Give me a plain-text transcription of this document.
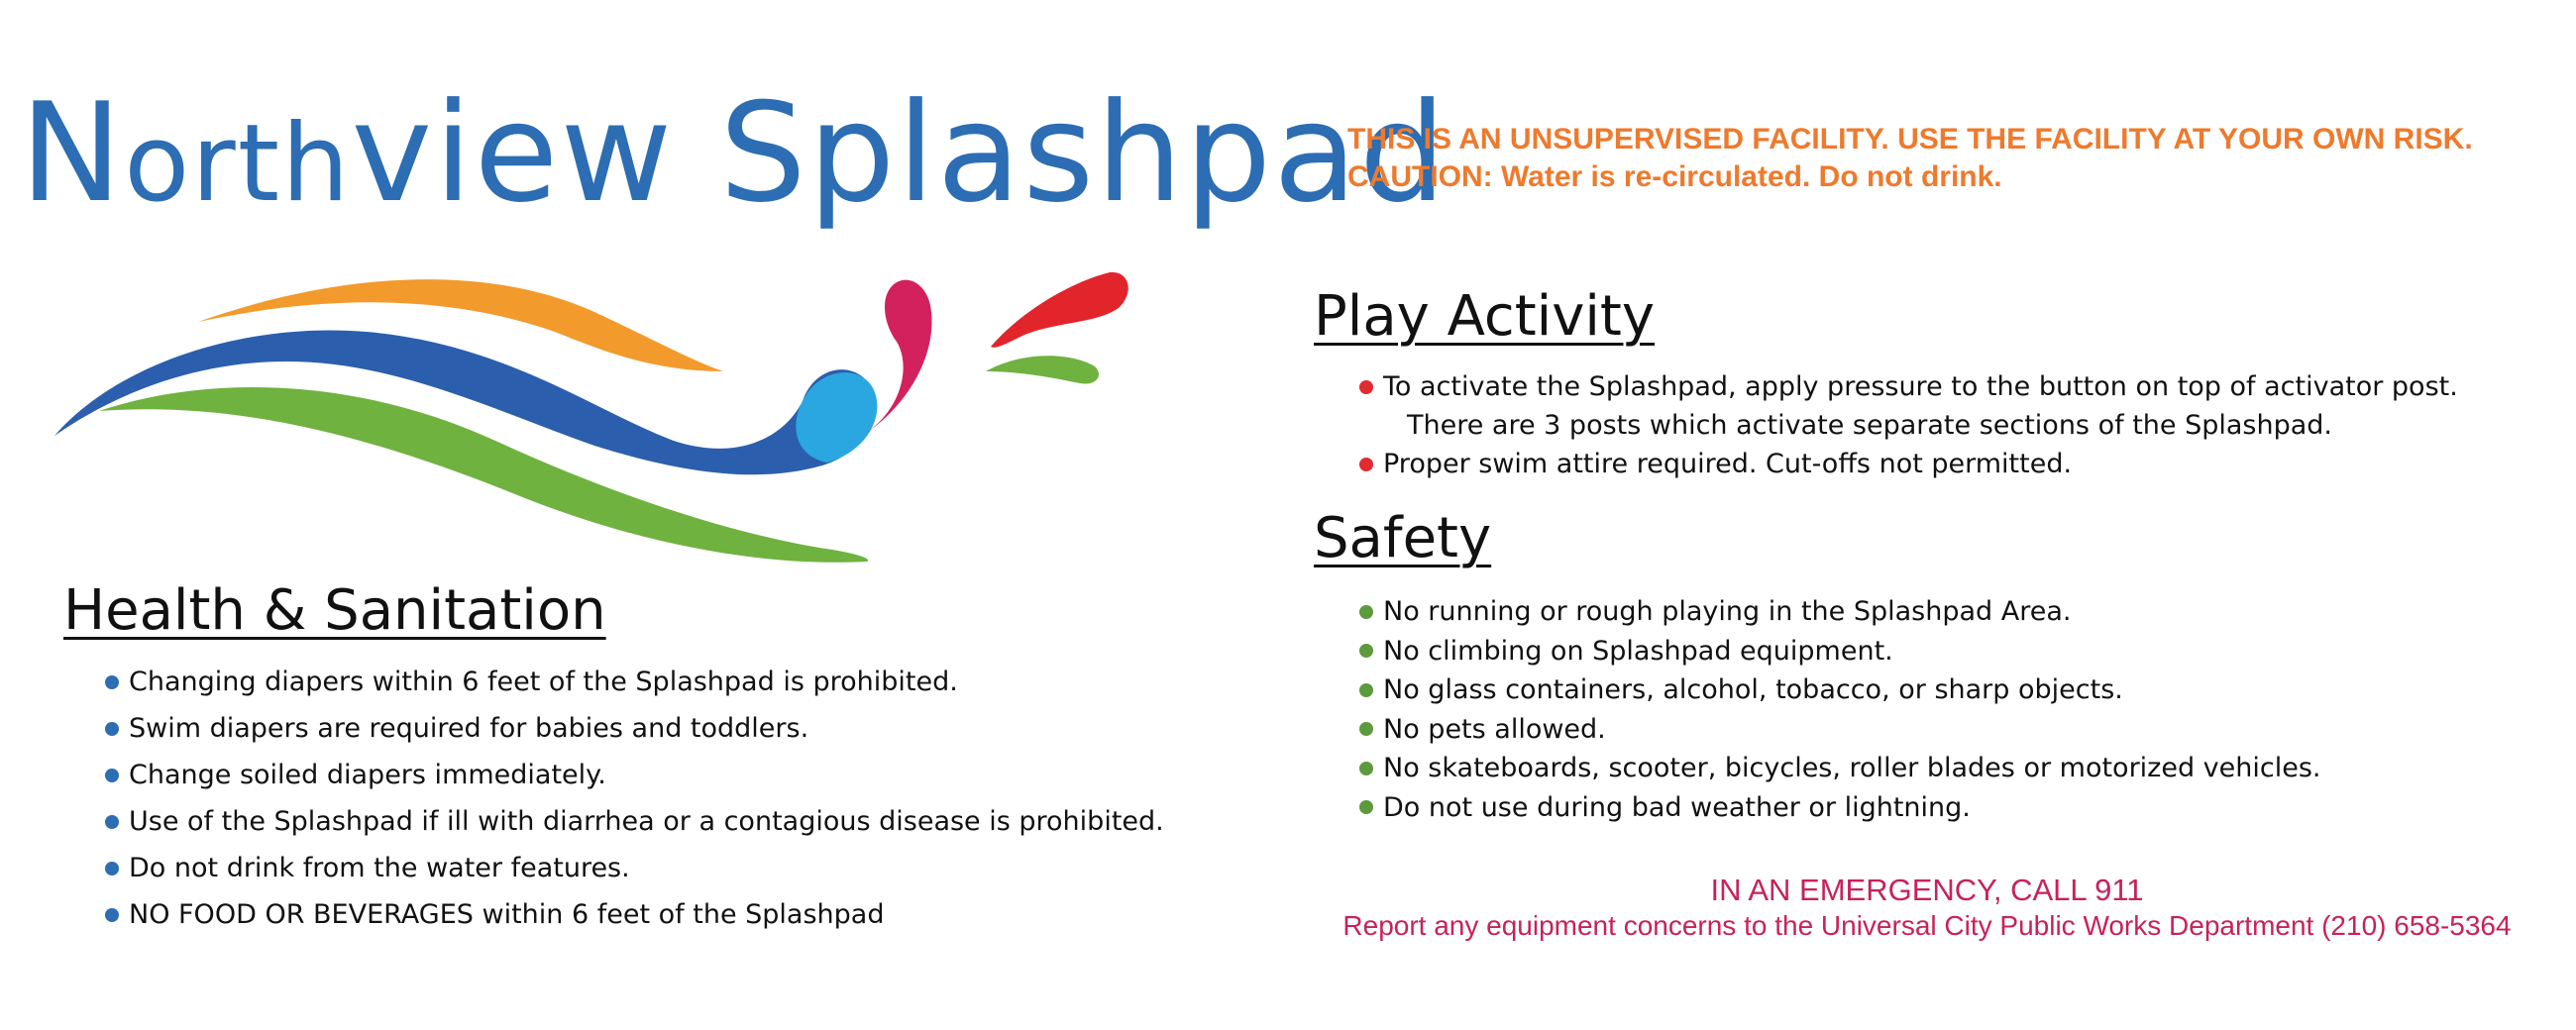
Northview Splashpad
THIS IS AN UNSUPERVISED FACILITY. USE THE FACILITY AT YOUR OWN RISK.
CAUTION: Water is re-circulated. Do not drink.
Play Activity
To activate the Splashpad, apply pressure to the button on top of activator post.
There are 3 posts which activate separate sections of the Splashpad.
Proper swim attire required. Cut-offs not permitted.
Safety
No running or rough playing in the Splashpad Area.
No climbing on Splashpad equipment.
No glass containers, alcohol, tobacco, or sharp objects.
No pets allowed.
No skateboards, scooter, bicycles, roller blades or motorized vehicles.
Do not use during bad weather or lightning.
Health & Sanitation
Changing diapers within 6 feet of the Splashpad is prohibited.
Swim diapers are required for babies and toddlers.
Change soiled diapers immediately.
Use of the Splashpad if ill with diarrhea or a contagious disease is prohibited.
Do not drink from the water features.
NO FOOD OR BEVERAGES within 6 feet of the Splashpad
IN AN EMERGENCY, CALL 911
Report any equipment concerns to the Universal City Public Works Department (210) 658-5364
